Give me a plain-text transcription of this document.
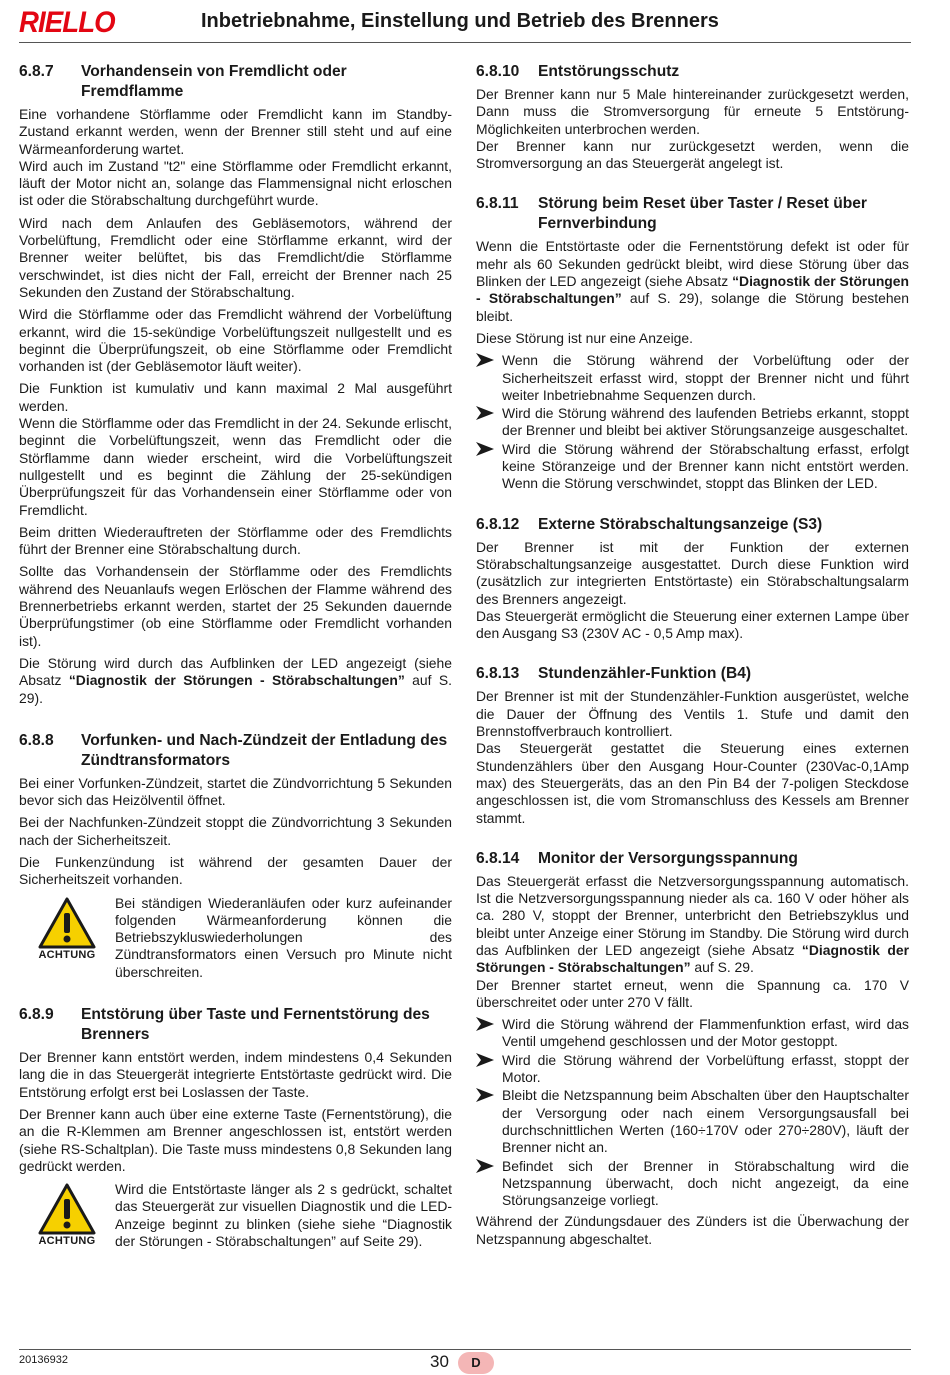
RIELLO	Inbetriebnahme, Einstellung und Betrieb des Brenners
6.8.7	Vorhandensein von Fremdlicht oder Fremdflamme

Eine vorhandene Störflamme oder Fremdlicht kann im Standby-Zustand erkannt werden, wenn der Brenner still steht und auf eine Wärmeanforderung wartet.

Wird auch im Zustand "t2" eine Störflamme oder Fremdlicht erkannt, läuft der Motor nicht an, solange das Flammensignal nicht erloschen ist oder die Störabschaltung durchgeführt wurde.

Wird nach dem Anlaufen des Gebläsemotors, während der Vorbelüftung, Fremdlicht oder eine Störflamme erkannt, wird der Brenner weiter belüftet, bis das Fremdlicht/die Störflamme verschwindet, ist dies nicht der Fall, erreicht der Brenner nach 25 Sekunden den Zustand der Störabschaltung.

Wird die Störflamme oder das Fremdlicht während der Vorbelüftung erkannt, wird die 15-sekündige Vorbelüftungszeit nullgestellt und es beginnt die Überprüfungszeit, ob eine Störflamme oder Fremdlicht vorhanden ist (der Gebläsemotor läuft weiter).

Die Funktion ist kumulativ und kann maximal 2 Mal ausgeführt werden.

Wenn die Störflamme oder das Fremdlicht in der 24. Sekunde erlischt, beginnt die Vorbelüftungszeit, wenn das Fremdlicht oder die Störflamme dann wieder erscheint, wird die Vorbelüftungszeit nullgestellt und es beginnt die Zählung der 25-sekündigen Überprüfungszeit für das Vorhandensein einer Störflamme oder von Fremdlicht.

Beim dritten Wiederauftreten der Störflamme oder des Fremdlichts führt der Brenner eine Störabschaltung durch.

Sollte das Vorhandensein der Störflamme oder des Fremdlichts während des Neuanlaufs wegen Erlöschen der Flamme während des Brennerbetriebs erkannt werden, startet der 25 Sekunden dauernde Überprüfungstimer (ob eine Störflamme oder Fremdlicht vorhanden ist).

Die Störung wird durch das Aufblinken der LED angezeigt (siehe Absatz “Diagnostik der Störungen - Störabschaltungen” auf S. 29).

6.8.8	Vorfunken- und Nach-Zündzeit der Entladung des Zündtransformators

Bei einer Vorfunken-Zündzeit, startet die Zündvorrichtung 5 Sekunden bevor sich das Heizölventil öffnet.

Bei der Nachfunken-Zündzeit stoppt die Zündvorrichtung 3 Sekunden nach der Sicherheitszeit.

Die Funkenzündung ist während der gesamten Dauer der Sicherheitszeit vorhanden.

ACHTUNG
Bei ständigen Wiederanläufen oder kurz aufeinander folgenden Wärmeanforderung können die Betriebszykluswiederholungen des Zündtransformators einen Versuch pro Minute nicht überschreiten.
6.8.9	Entstörung über Taste und Fernentstörung des Brenners

Der Brenner kann entstört werden, indem mindestens 0,4 Sekunden lang die in das Steuergerät integrierte Entstörtaste gedrückt wird. Die Entstörung erfolgt erst bei Loslassen der Taste.

Der Brenner kann auch über eine externe Taste (Fernentstörung), die an die R-Klemmen am Brenner angeschlossen ist, entstört werden (siehe RS-Schaltplan). Die Taste muss mindestens 0,8 Sekunden lang gedrückt werden.

ACHTUNG
Wird die Entstörtaste länger als 2 s gedrückt, schaltet das Steuergerät zur visuellen Diagnostik und die LED-Anzeige beginnt zu blinken (siehe siehe “Diagnostik der Störungen - Störabschaltungen” auf Seite 29).
6.8.10	Entstörungsschutz

Der Brenner kann nur 5 Male hintereinander zurückgesetzt werden, Dann muss die Stromversorgung für erneute 5 Entstörung-Möglichkeiten unterbrochen werden.

Der Brenner kann nur zurückgesetzt werden, wenn die Stromversorgung an das Steuergerät angelegt ist.

6.8.11	Störung beim Reset über Taster / Reset über Fernverbindung

Wenn die Entstörtaste oder die Fernentstörung defekt ist oder für mehr als 60 Sekunden gedrückt bleibt, wird diese Störung über das Blinken der LED angezeigt (siehe Absatz “Diagnostik der Störungen - Störabschaltungen” auf S. 29), solange die Störung bestehen bleibt.

Diese Störung ist nur eine Anzeige.

Wenn die Störung während der Vorbelüftung oder der Sicherheitszeit erfasst wird, stoppt der Brenner nicht und führt weiter Inbetriebnahme Sequenzen durch.
Wird die Störung während des laufenden Betriebs erkannt, stoppt der Brenner und bleibt bei aktiver Störungsanzeige ausgeschaltet.
Wird die Störung während der Störabschaltung erfasst, erfolgt keine Störanzeige und der Brenner kann nicht entstört werden. Wenn die Störung verschwindet, stoppt das Blinken der LED.
6.8.12	Externe Störabschaltungsanzeige (S3)

Der Brenner ist mit der Funktion der externen Störabschaltungsanzeige ausgestattet. Durch diese Funktion wird (zusätzlich zur integrierten Entstörtaste) ein Störabschaltungsalarm des Brenners angezeigt.

Das Steuergerät ermöglicht die Steuerung einer externen Lampe über den Ausgang S3 (230V AC - 0,5 Amp max).

6.8.13	Stundenzähler-Funktion (B4)

Der Brenner ist mit der Stundenzähler-Funktion ausgerüstet, welche die Dauer der Öffnung des Ventils 1. Stufe und damit den Brennstoffverbrauch kontrolliert.

Das Steuergerät gestattet die Steuerung eines externen Stundenzählers über den Ausgang Hour-Counter (230Vac-0,1Amp max) des Steuergeräts, das an den Pin B4 der 7-poligen Steckdose angeschlossen ist, die vom Stromanschluss des Kessels am Brenner stammt.

6.8.14	Monitor der Versorgungsspannung

Das Steuergerät erfasst die Netzversorgungsspannung automatisch. Ist die Netzversorgungsspannung nieder als ca. 160 V oder höher als ca. 280 V, stoppt der Brenner, unterbricht den Betriebszyklus und bleibt unter Anzeige einer Störung im Standby. Die Störung wird durch das Aufblinken der LED angezeigt (siehe Absatz “Diagnostik der Störungen - Störabschaltungen” auf S. 29.

Der Brenner startet erneut, wenn die Spannung ca. 170 V überschreitet oder unter 270 V fällt.

Wird die Störung während der Flammenfunktion erfast, wird das Ventil umgehend geschlossen und der Motor gestoppt.
Wird die Störung während der Vorbelüftung erfasst, stoppt der Motor.
Bleibt die Netzspannung beim Abschalten über den Hauptschalter der Versorgung oder nach einem Versorgungsausfall bei durchschnittlichen Werten (160÷170V oder 270÷280V), läuft der Brenner nicht an.
Befindet sich der Brenner in Störabschaltung wird die Netzspannung überwacht, doch nicht angezeigt, da eine Störungsanzeige vorliegt.

Während der Zündungsdauer des Zünders ist die Überwachung der Netzspannung abgeschaltet.

20136932	30	D
